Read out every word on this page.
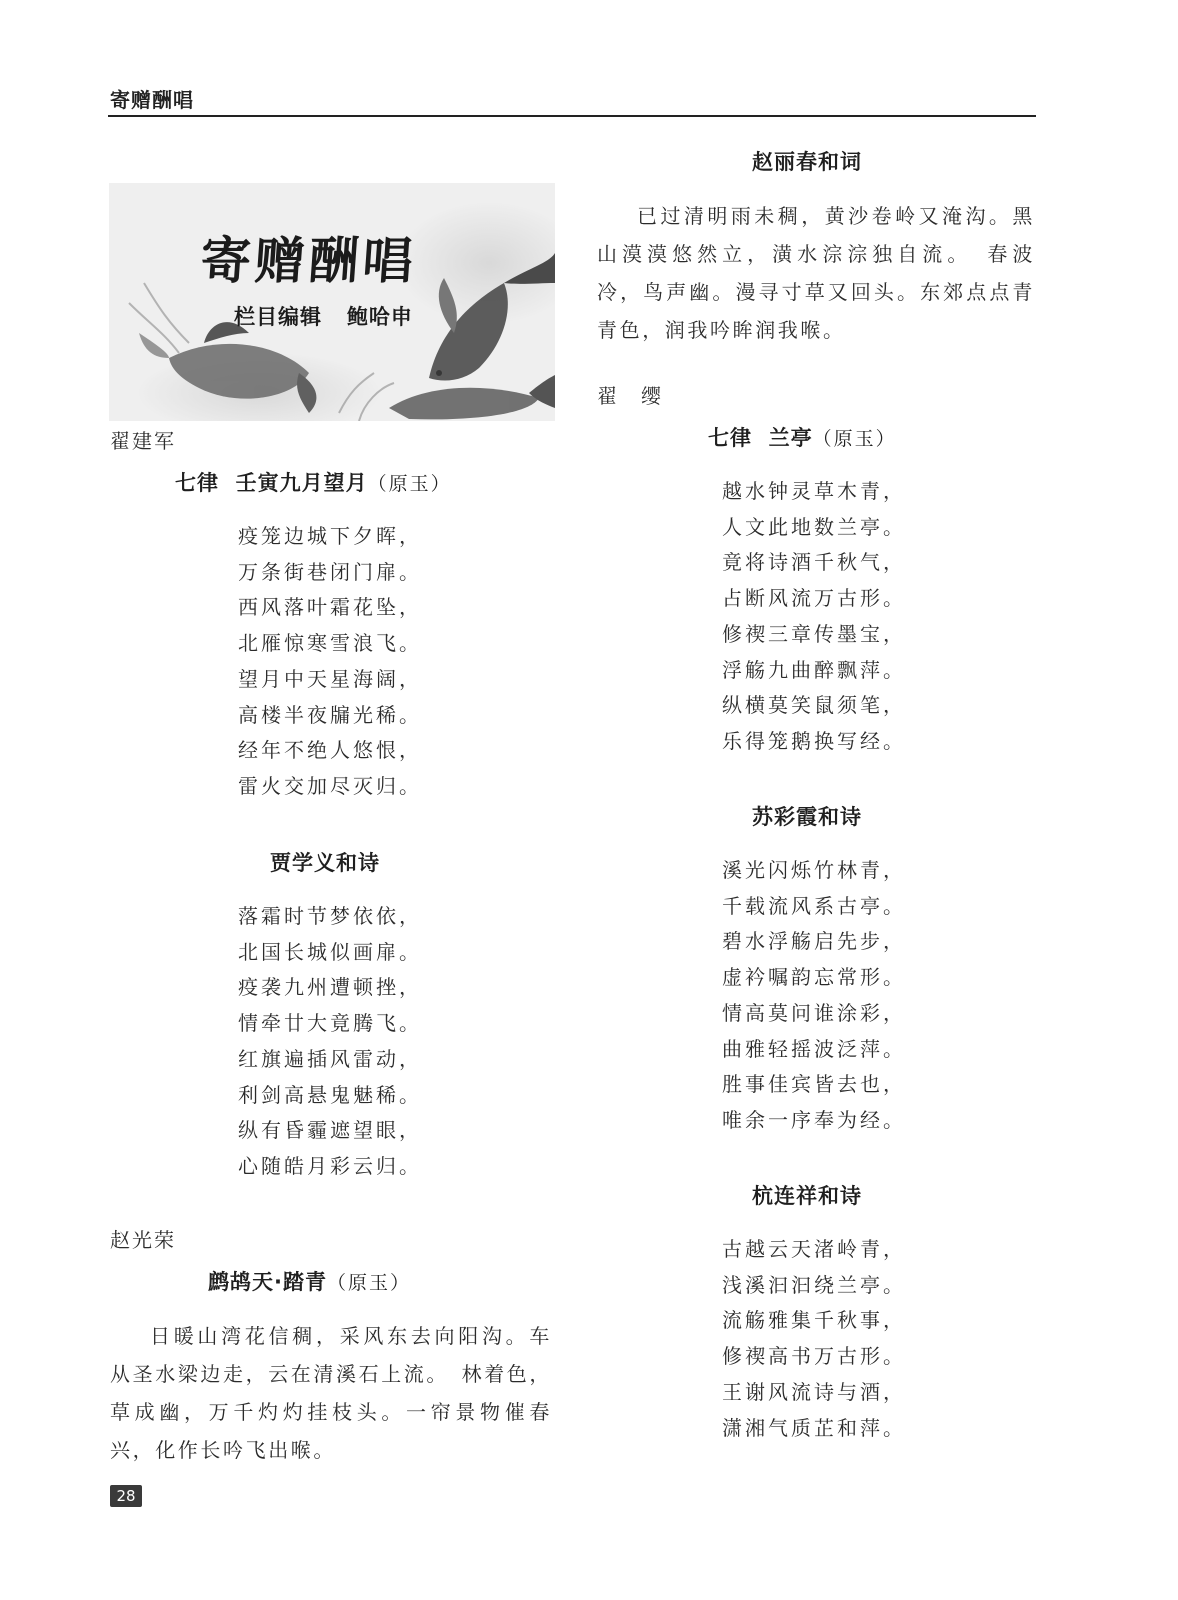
寄赠酬唱
寄赠酬唱
栏目编辑 鲍哈申
翟建军
七律 壬寅九月望月（原玉）
疫笼边城下夕晖，
万条街巷闭门扉。
西风落叶霜花坠，
北雁惊寒雪浪飞。
望月中天星海阔，
高楼半夜牖光稀。
经年不绝人悠恨，
雷火交加尽灭归。
贾学义和诗
落霜时节梦依依，
北国长城似画扉。
疫袭九州遭顿挫，
情牵廿大竟腾飞。
红旗遍插风雷动，
利剑高悬鬼魅稀。
纵有昏霾遮望眼，
心随皓月彩云归。
赵光荣
鹧鸪天·踏青（原玉）
日暖山湾花信稠，采风东去向阳沟。车从圣水梁边走，云在清溪石上流。　林着色，草成幽，万千灼灼挂枝头。一帘景物催春兴，化作长吟飞出喉。
赵丽春和词
已过清明雨未稠，黄沙卷岭又淹沟。黑山漠漠悠然立，潢水淙淙独自流。　春波冷，鸟声幽。漫寻寸草又回头。东郊点点青青色，润我吟眸润我喉。
翟　缨
七律 兰亭（原玉）
越水钟灵草木青，
人文此地数兰亭。
竟将诗酒千秋气，
占断风流万古形。
修禊三章传墨宝，
浮觞九曲醉飘萍。
纵横莫笑鼠须笔，
乐得笼鹅换写经。
苏彩霞和诗
溪光闪烁竹林青，
千载流风系古亭。
碧水浮觞启先步，
虚衿嘱韵忘常形。
情高莫问谁涂彩，
曲雅轻摇波泛萍。
胜事佳宾皆去也，
唯余一序奉为经。
杭连祥和诗
古越云天渚岭青，
浅溪汩汩绕兰亭。
流觞雅集千秋事，
修禊高书万古形。
王谢风流诗与酒，
潇湘气质芷和萍。
28
